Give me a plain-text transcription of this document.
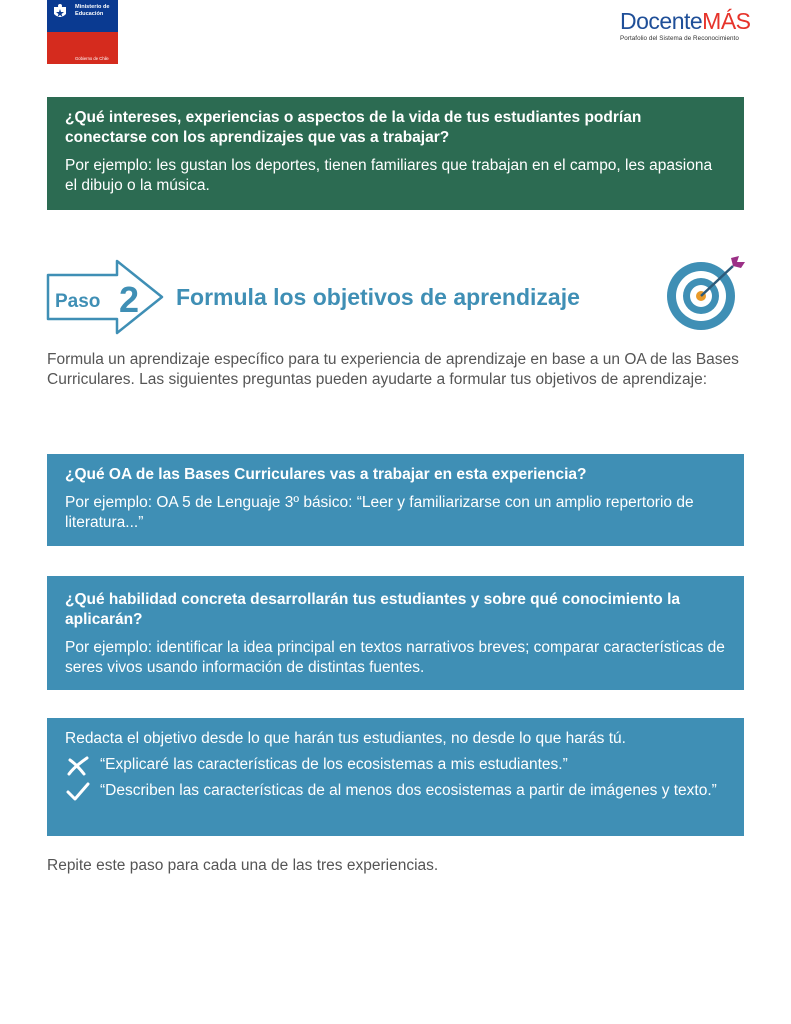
Ministerio de
Educación
Gobierno de Chile
DocenteMÁS
Portafolio del Sistema de Reconocimiento
¿Qué intereses, experiencias o aspectos de la vida de tus estudiantes podrían conectarse con los aprendizajes que vas a trabajar?
Por ejemplo: les gustan los deportes, tienen familiares que trabajan en el campo, les apasiona el dibujo o la música.
Paso 2 Formula los objetivos de aprendizaje
Formula un aprendizaje específico para tu experiencia de aprendizaje en base a un OA de las Bases Curriculares. Las siguientes preguntas pueden ayudarte a formular tus objetivos de aprendizaje:
¿Qué OA de las Bases Curriculares vas a trabajar en esta experiencia?
Por ejemplo: OA 5 de Lenguaje 3º básico: “Leer y familiarizarse con un amplio repertorio de literatura...”
¿Qué habilidad concreta desarrollarán tus estudiantes y sobre qué conocimiento la aplicarán?
Por ejemplo: identificar la idea principal en textos narrativos breves; comparar características de seres vivos usando información de distintas fuentes.
Redacta el objetivo desde lo que harán tus estudiantes, no desde lo que harás tú.
“Explicaré las características de los ecosistemas a mis estudiantes.”
“Describen las características de al menos dos ecosistemas a partir de imágenes y texto.”
Repite este paso para cada una de las tres experiencias.
